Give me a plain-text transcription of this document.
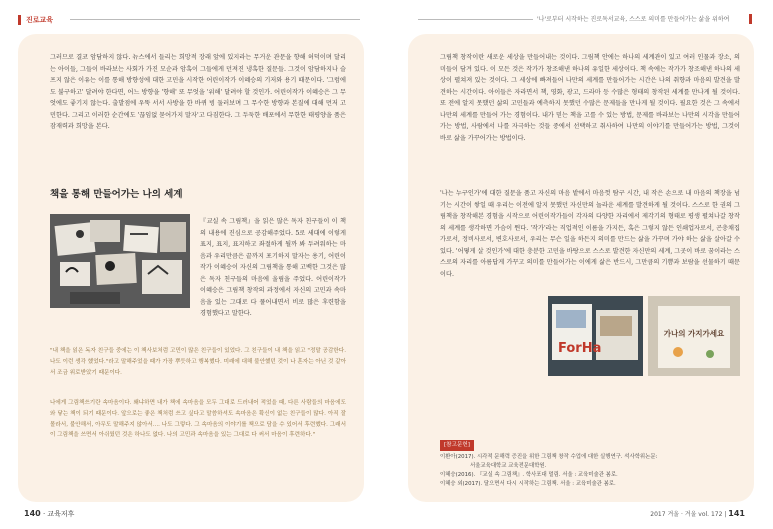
진로교육	'나'로부터 시작하는 진로독서교육, 스스로 의미를 만들어가는 삶을 위하여
그러므로 결코 암담하지 않다. 뉴스에서 들리는 희망적 장래 앞에 있지라는 무거운 관문을 향해 허덕이며 달리는 아이들, 그들이 바라보는 사회가 가진 모순과 암혹이 그들에게 던져진 냉혹한 질문들. 그것이 암담하지나 슬프지 않은 이유는 이를 통해 방향성에 대한 고민을 시작한 어린이작가 이혜승의 기저와 용기 때문이다. '그럼에도 불구하고' 달려야 한다면, 어느 방향을 '향해' 또 무엇을 '위해' 달려야 할 것인가. 어린이작가 이혜승은 그 무엇에도 좋기지 않는다. 출발점에 우뚝 서서 사방을 한 바퀴 빙 둘러보며 그 무수한 방향과 본질에 대해 먼저 고민한다. 그리고 이러한 순간에도 '끊임없 묻어가지 말자'고 다짐한다. 그 두둑한 배포에서 무한한 태평양을 품은 잠재력과 희망을 본다.
책을 통해 만들어가는 나의 세계
『교실 속 그림책』을 읽은 많은 독자 친구들이 이 책의 내용에 진심으로 공감해주었다. 5로 세대에 이렇게 표지, 표지, 표지하고 좌절하게 될까 봐 두려워하는 마음과 우리만큼은 끝까지 포기하지 말자는 용기, 어린이작가 이혜승이 자신의 그림책을 통해 고백한 그것은 많은 독자 친구들의 마음에 울림을 주었다. 어린이작가 이혜승은 그림책 창작의 과정에서 자신의 고민과 속마음을 있는 그대로 다 풀어내면서 비로 많은 후련함을 경험했다고 말한다.
"내 책을 읽은 독자 친구들 중에는 이 책사보처럼 고민이 많은 친구들이 있었다. 그 친구들이 내 책을 읽고 "정말 공감한다. 나도 이런 생각 했었다."라고 말해주었을 때가 가장 뿌듯하고 행복했다. 미래에 대해 불안했던 것이 나 혼자는 아닌 것 같아서 조금 위로받았기 때문이다.
나에게 그림책쓰기란 속마음이다. 왜냐하면 내가 책에 속마음을 모두 그대로 드러내어 적었을 때, 다른 사람들의 마음에도 와 닿는 책이 되기 때문이다. 앞으로는 좋은 책처럼 쓰고 싶다고 말씀하셔도 속마음은 확신이 없는 친구들이 많다. 아직 잘 몰라서, 불안해서, 아무도 말해주지 않아서.... 나도 그렇다. 그 속마음의 이야기를 책으로 담을 수 있어서 후련했다. 그래서 이 그림책을 쓰면서 아쉬웠던 것은 하나도 없다. 나의 고민과 속마음을 있는 그대로 다 써서 마음이 후련하다."
그림책 창작이란 새로운 세상을 만들어내는 것이다. 그림책 안에는 하나의 세계관이 있고 여러 인물과 장소, 의미들이 담겨 있다. 이 모든 것은 작가가 창조해낸 하나의 유일한 세상이다. 책 속에는 작가가 창조해낸 하나의 세상이 펼쳐져 있는 것이다. 그 세상에 빠져들어 나만의 세계를 만들어가는 시간은 나의 취향과 마음의 발견을 발견하는 시간이다. 아이들은 자라면서 책, 영화, 광고, 드라마 등 수많은 형태의 창작된 세계를 만나게 될 것이다. 또 전에 알지 못했던 삶의 고민들과 예측하지 못했던 수많은 문제들을 만나게 될 것이다. 필요한 것은 그 속에서 나만의 세계를 만들어 가는 경험이다. 내가 믿는 책을 고를 수 있는 방법, 문제를 바라보는 나만의 시각을 만들어가는 방법, 사람에서 나를 자극하는 것들 중에서 선택하고 취사하여 나만의 이야기를 만들어가는 방법, 그것이 바로 삶을 가꾸어가는 방법이다.
'나는 누구인가'에 대한 질문을 품고 자신의 마음 밭에서 마음껏 탐구 시간, 내 작은 손으로 내 마음의 책장을 넘기는 시간이 쌓일 때 우리는 이전에 알지 못했던 자신만의 놀라운 세계를 발견하게 될 것이다. 스스로 한 권의 그림책을 창작해본 경험을 시작으로 어린이작가들이 각자의 다양한 자리에서 제각기의 형태로 평생 펼쳐나갈 창작의 세계를 생각하면 가슴이 뛴다. '작가'라는 직업적인 이름을 가지든, 혹은 그렇지 않든 인쇄업자로서, 곤충채집가로서, 정비사로서, 변호사로서, 우리는 무슨 일을 하든지 의미를 만드는 삶을 가꾸며 가야 하는 삶을 살아갈 수 있다. '어떻게 살 것인가'에 대한 충분한 고민을 바탕으로 스스로 발견한 자신만의 세계, 그곳이 바로 꿈이라는 스스로의 자리를 아름답게 가꾸고 의미를 만들어가는 이에게 삶은 반드시, 그만큼의 기쁨과 보람을 선물하기 때문이다.
ForHa
가나의 가지가세요
[참고문헌]
이환아(2017). 시각적 문해력 증진을 위한 그림책 창작 수업에 대한 실행연구. 석사학위논문:
서울교육대학교 교육전문대학원.
이혜승(2016). 『교실 속 그림책』. 학사포대 멀림. 서울 : 교육미술관 봄로.
이혜승 외(2017). 달으면서 다시 시작하는 그림책. 서울 : 교육미술관 봄로.
140 · 교육저후	2017 겨울 · 겨울 vol. 172 | 141
